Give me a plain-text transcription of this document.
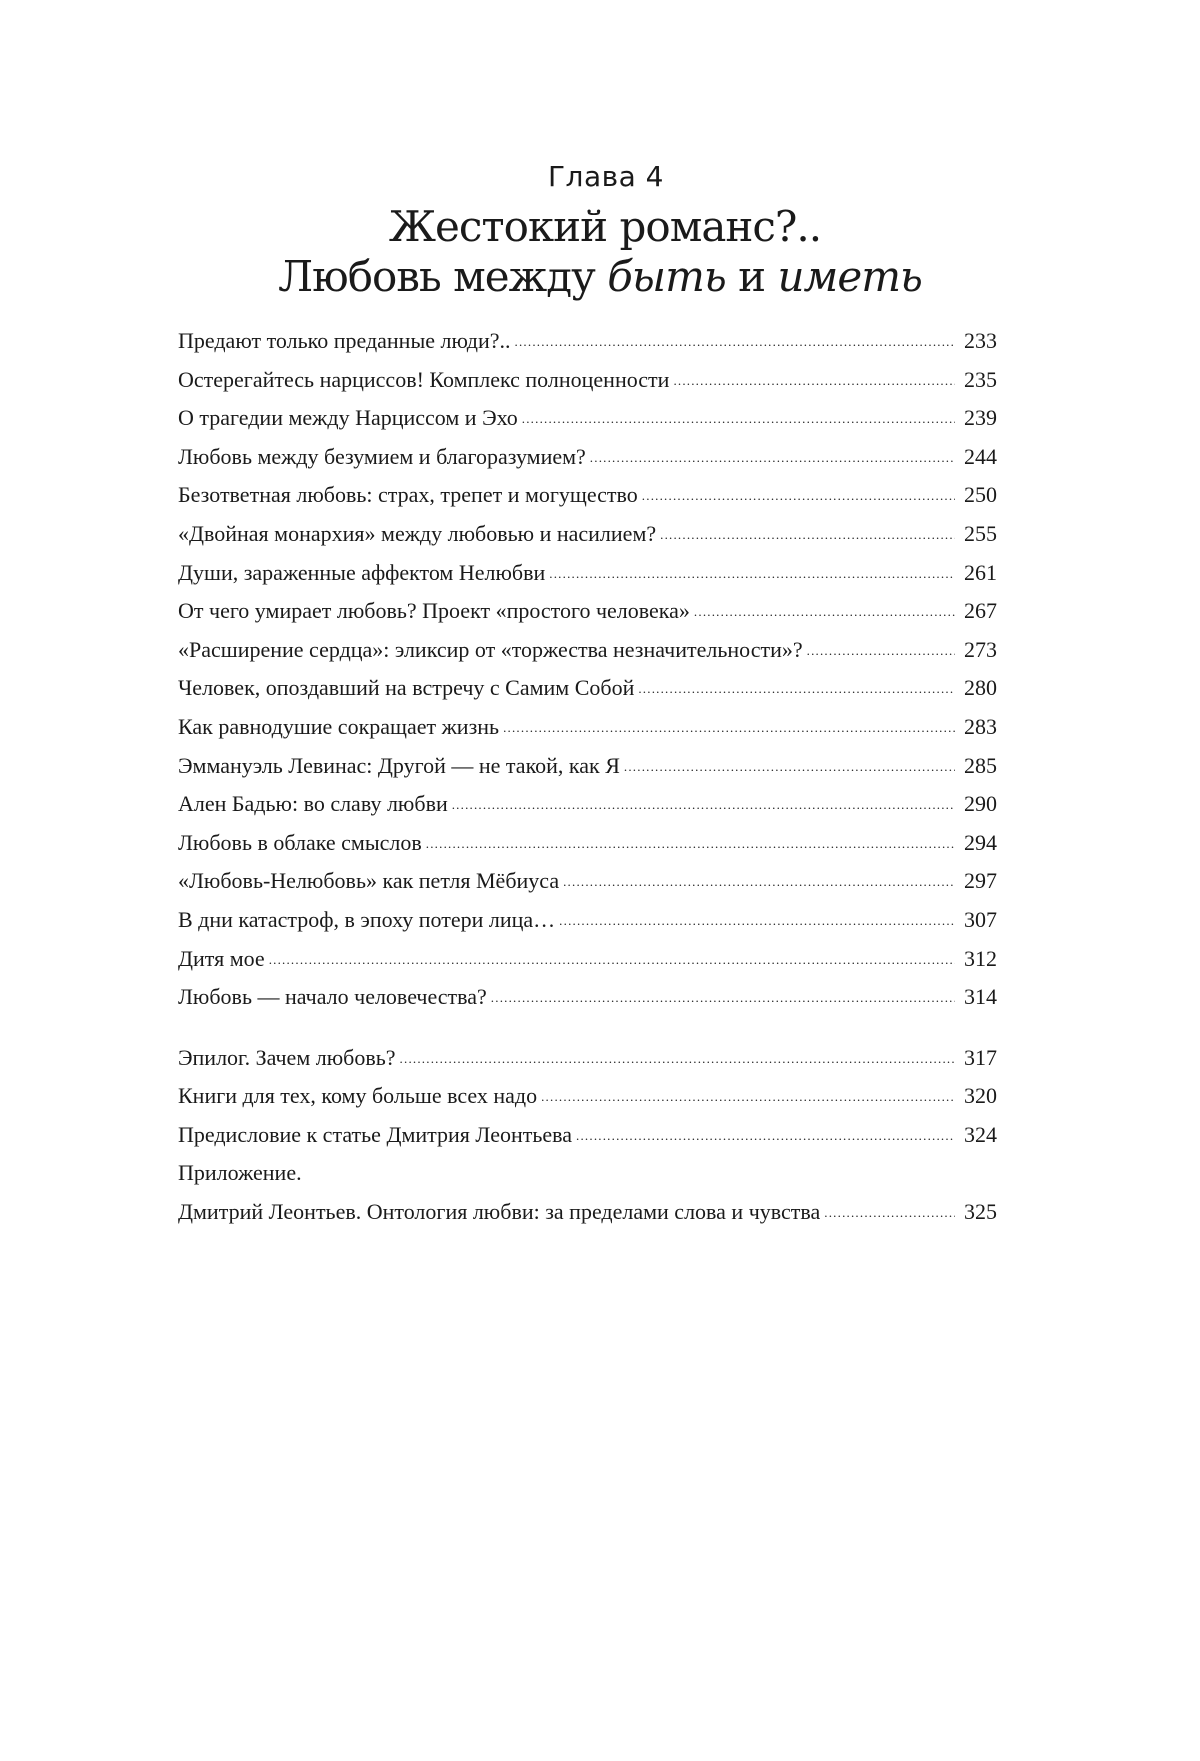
Глава 4
Жестокий романс?..
Любовь между быть и иметь
Предают только преданные люди?.. .....	233
Остерегайтесь нарциссов! Комплекс полноценности .....	235
О трагедии между Нарциссом и Эхо .....	239
Любовь между безумием и благоразумием? .....	244
Безответная любовь: страх, трепет и могущество .....	250
«Двойная монархия» между любовью и насилием? .....	255
Души, зараженные аффектом Нелюбви .....	261
От чего умирает любовь? Проект «простого человека» .....	267
«Расширение сердца»: эликсир от «торжества незначительности»? .....	273
Человек, опоздавший на встречу с Самим Собой .....	280
Как равнодушие сокращает жизнь .....	283
Эммануэль Левинас: Другой — не такой, как Я .....	285
Ален Бадью: во славу любви .....	290
Любовь в облаке смыслов .....	294
«Любовь-Нелюбовь» как петля Мёбиуса .....	297
В дни катастроф, в эпоху потери лица… .....	307
Дитя мое .....	312
Любовь — начало человечества? .....	314
Эпилог. Зачем любовь? .....	317
Книги для тех, кому больше всех надо .....	320
Предисловие к статье Дмитрия Леонтьева .....	324
Приложение.
Дмитрий Леонтьев. Онтология любви: за пределами слова и чувства .....	325
